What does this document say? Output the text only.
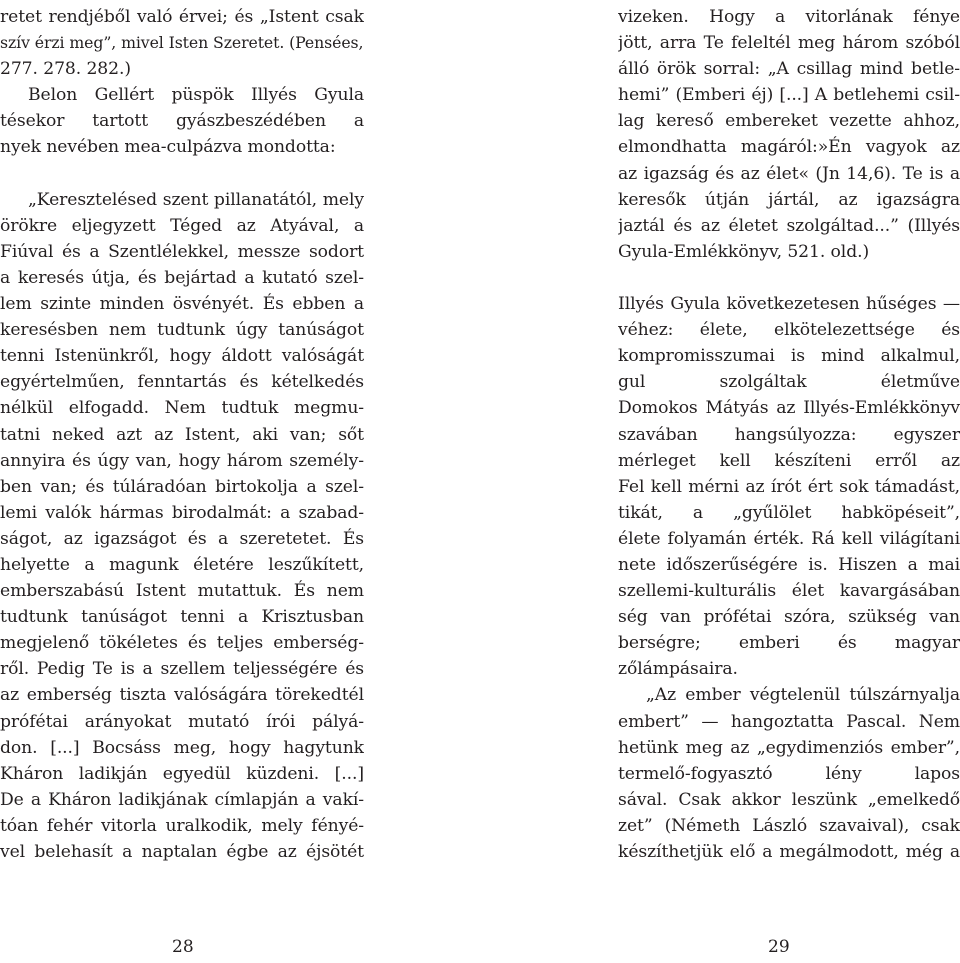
retet rendjéből való érvei; és „Istent csak
szív érzi meg”, mivel Isten Szeretet. (Pensées,
277. 278. 282.)
Belon Gellért püspök Illyés Gyula
tésekor tartott gyászbeszédében a
nyek nevében mea-culpázva mondotta:
„Keresztelésed szent pillanatától, mely
örökre eljegyzett Téged az Atyával, a
Fiúval és a Szentlélekkel, messze sodort
a keresés útja, és bejártad a kutató szel-
lem szinte minden ösvényét. És ebben a
keresésben nem tudtunk úgy tanúságot
tenni Istenünkről, hogy áldott valóságát
egyértelműen, fenntartás és kételkedés
nélkül elfogadd. Nem tudtuk megmu-
tatni neked azt az Istent, aki van; sőt
annyira és úgy van, hogy három személy-
ben van; és túláradóan birtokolja a szel-
lemi valók hármas birodalmát: a szabad-
ságot, az igazságot és a szeretetet. És
helyette a magunk életére leszűkített,
emberszabású Istent mutattuk. És nem
tudtunk tanúságot tenni a Krisztusban
megjelenő tökéletes és teljes emberség-
ről. Pedig Te is a szellem teljességére és
az emberség tiszta valóságára törekedtél
prófétai arányokat mutató írói pályá-
don. [...] Bocsáss meg, hogy hagytunk
Kháron ladikján egyedül küzdeni. [...]
De a Kháron ladikjának címlapján a vakí-
tóan fehér vitorla uralkodik, mely fényé-
vel belehasít a naptalan égbe az éjsötét
28
vizeken. Hogy a vitorlának fénye
jött, arra Te feleltél meg három szóból
álló örök sorral: „A csillag mind betle-
hemi” (Emberi éj) [...] A betlehemi csil-
lag kereső embereket vezette ahhoz,
elmondhatta magáról:»Én vagyok az
az igazság és az élet« (Jn 14,6). Te is a
keresők útján jártál, az igazságra
jaztál és az életet szolgáltad...” (Illyés
Gyula-Emlékkönyv, 521. old.)
Illyés Gyula következetesen hűséges —
véhez: élete, elkötelezettsége és
kompromisszumai is mind alkalmul,
gul szolgáltak életműve
Domokos Mátyás az Illyés-Emlékkönyv
szavában hangsúlyozza: egyszer
mérleget kell készíteni erről az
Fel kell mérni az írót ért sok támadást,
tikát, a „gyűlölet habköpéseit”,
élete folyamán érték. Rá kell világítani
nete időszerűségére is. Hiszen a mai
szellemi-kulturális élet kavargásában
ség van prófétai szóra, szükség van
berségre; emberi és magyar
zőlámpásaira.
„Az ember végtelenül túlszárnyalja
embert” — hangoztatta Pascal. Nem
hetünk meg az „egydimenziós ember”,
termelő-fogyasztó lény lapos
sával. Csak akkor leszünk „emelkedő
zet” (Németh László szavaival), csak
készíthetjük elő a megálmodott, még a
29
